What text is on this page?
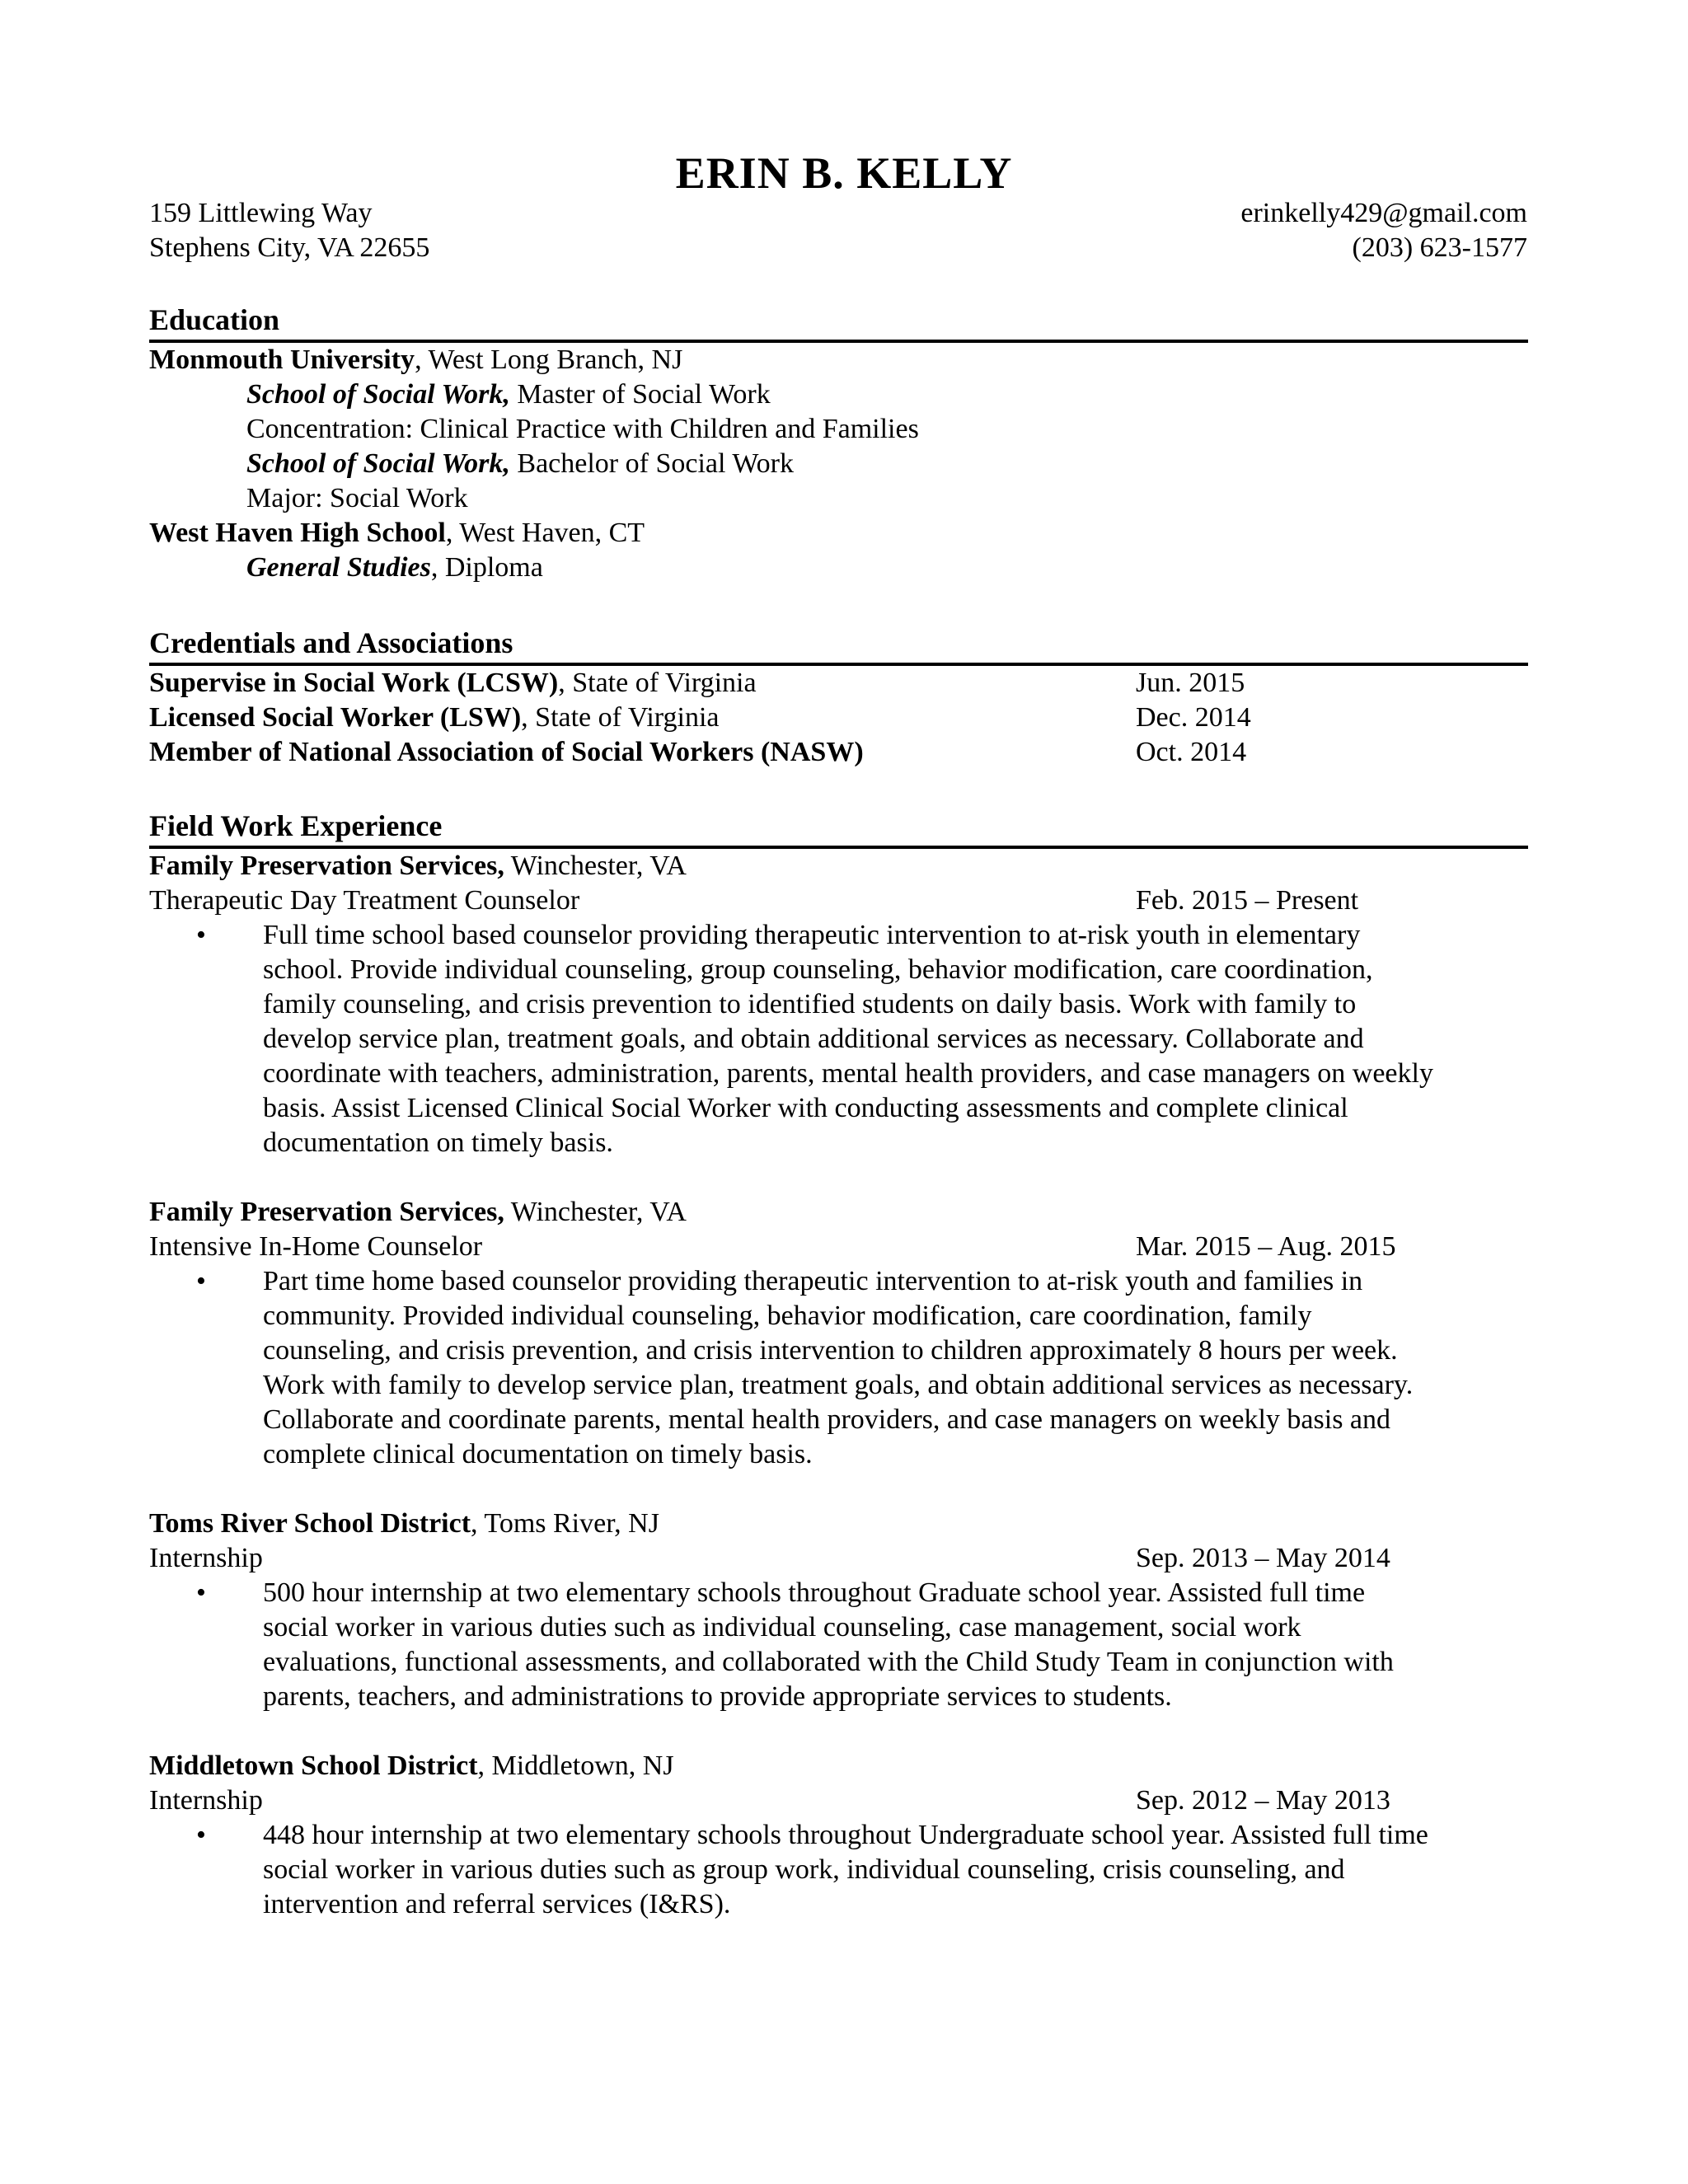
ERIN B. KELLY
159 Littlewing Way	erinkelly429@gmail.com
Stephens City, VA 22655	(203) 623-1577
Education
Monmouth University, West Long Branch, NJ
School of Social Work, Master of Social Work
Concentration: Clinical Practice with Children and Families
School of Social Work, Bachelor of Social Work
Major: Social Work
West Haven High School, West Haven, CT
General Studies, Diploma
Credentials and Associations
Supervise in Social Work (LCSW), State of Virginia	Jun. 2015
Licensed Social Worker (LSW), State of Virginia	Dec. 2014
Member of National Association of Social Workers (NASW)	Oct. 2014
Field Work Experience
Family Preservation Services, Winchester, VA
Therapeutic Day Treatment Counselor	Feb. 2015 – Present
• Full time school based counselor providing therapeutic intervention to at-risk youth in elementary
school. Provide individual counseling, group counseling, behavior modification, care coordination,
family counseling, and crisis prevention to identified students on daily basis. Work with family to
develop service plan, treatment goals, and obtain additional services as necessary. Collaborate and
coordinate with teachers, administration, parents, mental health providers, and case managers on weekly
basis. Assist Licensed Clinical Social Worker with conducting assessments and complete clinical
documentation on timely basis.
Family Preservation Services, Winchester, VA
Intensive In-Home Counselor	Mar. 2015 – Aug. 2015
• Part time home based counselor providing therapeutic intervention to at-risk youth and families in
community. Provided individual counseling, behavior modification, care coordination, family
counseling, and crisis prevention, and crisis intervention to children approximately 8 hours per week.
Work with family to develop service plan, treatment goals, and obtain additional services as necessary.
Collaborate and coordinate parents, mental health providers, and case managers on weekly basis and
complete clinical documentation on timely basis.
Toms River School District, Toms River, NJ
Internship	Sep. 2013 – May 2014
• 500 hour internship at two elementary schools throughout Graduate school year. Assisted full time
social worker in various duties such as individual counseling, case management, social work
evaluations, functional assessments, and collaborated with the Child Study Team in conjunction with
parents, teachers, and administrations to provide appropriate services to students.
Middletown School District, Middletown, NJ
Internship	Sep. 2012 – May 2013
• 448 hour internship at two elementary schools throughout Undergraduate school year. Assisted full time
social worker in various duties such as group work, individual counseling, crisis counseling, and
intervention and referral services (I&RS).
